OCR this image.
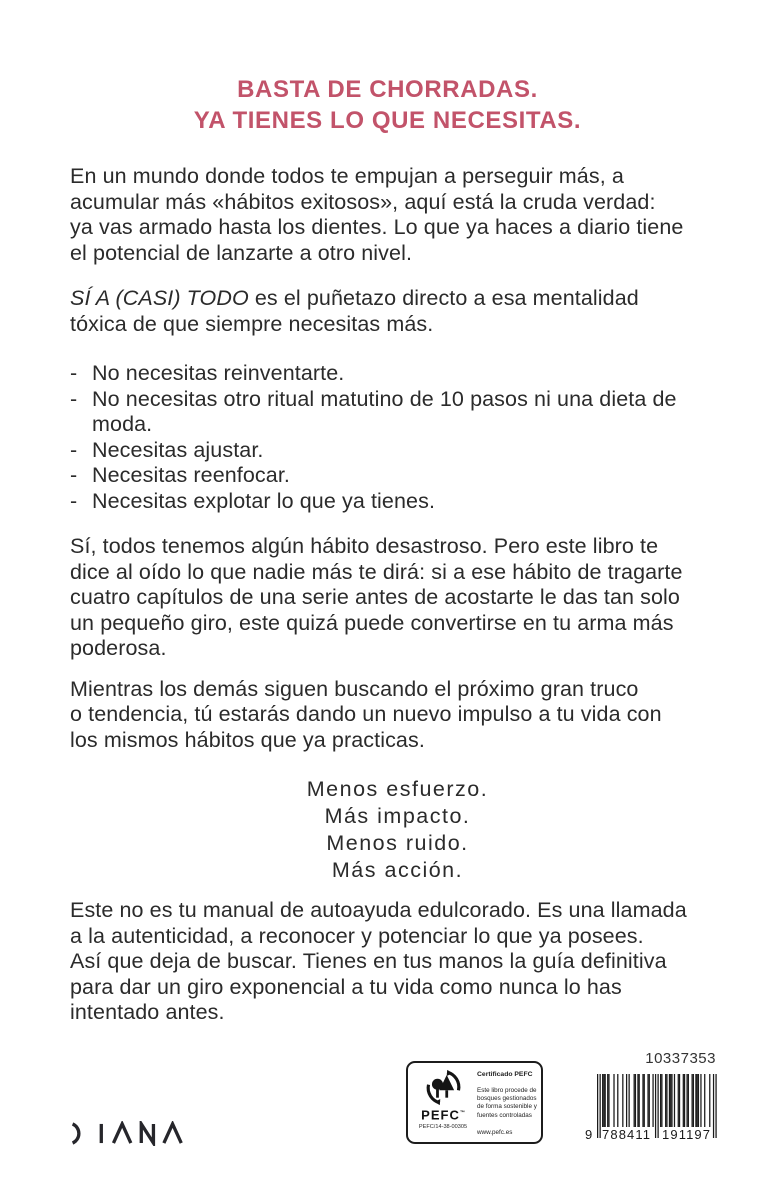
BASTA DE CHORRADAS.
YA TIENES LO QUE NECESITAS.
En un mundo donde todos te empujan a perseguir más, a
acumular más «hábitos exitosos», aquí está la cruda verdad:
ya vas armado hasta los dientes. Lo que ya haces a diario tiene
el potencial de lanzarte a otro nivel.
SÍ A (CASI) TODO es el puñetazo directo a esa mentalidad
tóxica de que siempre necesitas más.
- No necesitas reinventarte.
- No necesitas otro ritual matutino de 10 pasos ni una dieta de
moda.
- Necesitas ajustar.
- Necesitas reenfocar.
- Necesitas explotar lo que ya tienes.
Sí, todos tenemos algún hábito desastroso. Pero este libro te
dice al oído lo que nadie más te dirá: si a ese hábito de tragarte
cuatro capítulos de una serie antes de acostarte le das tan solo
un pequeño giro, este quizá puede convertirse en tu arma más
poderosa.
Mientras los demás siguen buscando el próximo gran truco
o tendencia, tú estarás dando un nuevo impulso a tu vida con
los mismos hábitos que ya practicas.
Menos esfuerzo.
Más impacto.
Menos ruido.
Más acción.
Este no es tu manual de autoayuda edulcorado. Es una llamada
a la autenticidad, a reconocer y potenciar lo que ya posees.
Así que deja de buscar. Tienes en tus manos la guía definitiva
para dar un giro exponencial a tu vida como nunca lo has
intentado antes.
PEFC™
PEFC/14-38-00305
Certificado PEFC
Este libro procede de bosques gestionados de forma sostenible y fuentes controladas
www.pefc.es
10337353
9 788411 191197
